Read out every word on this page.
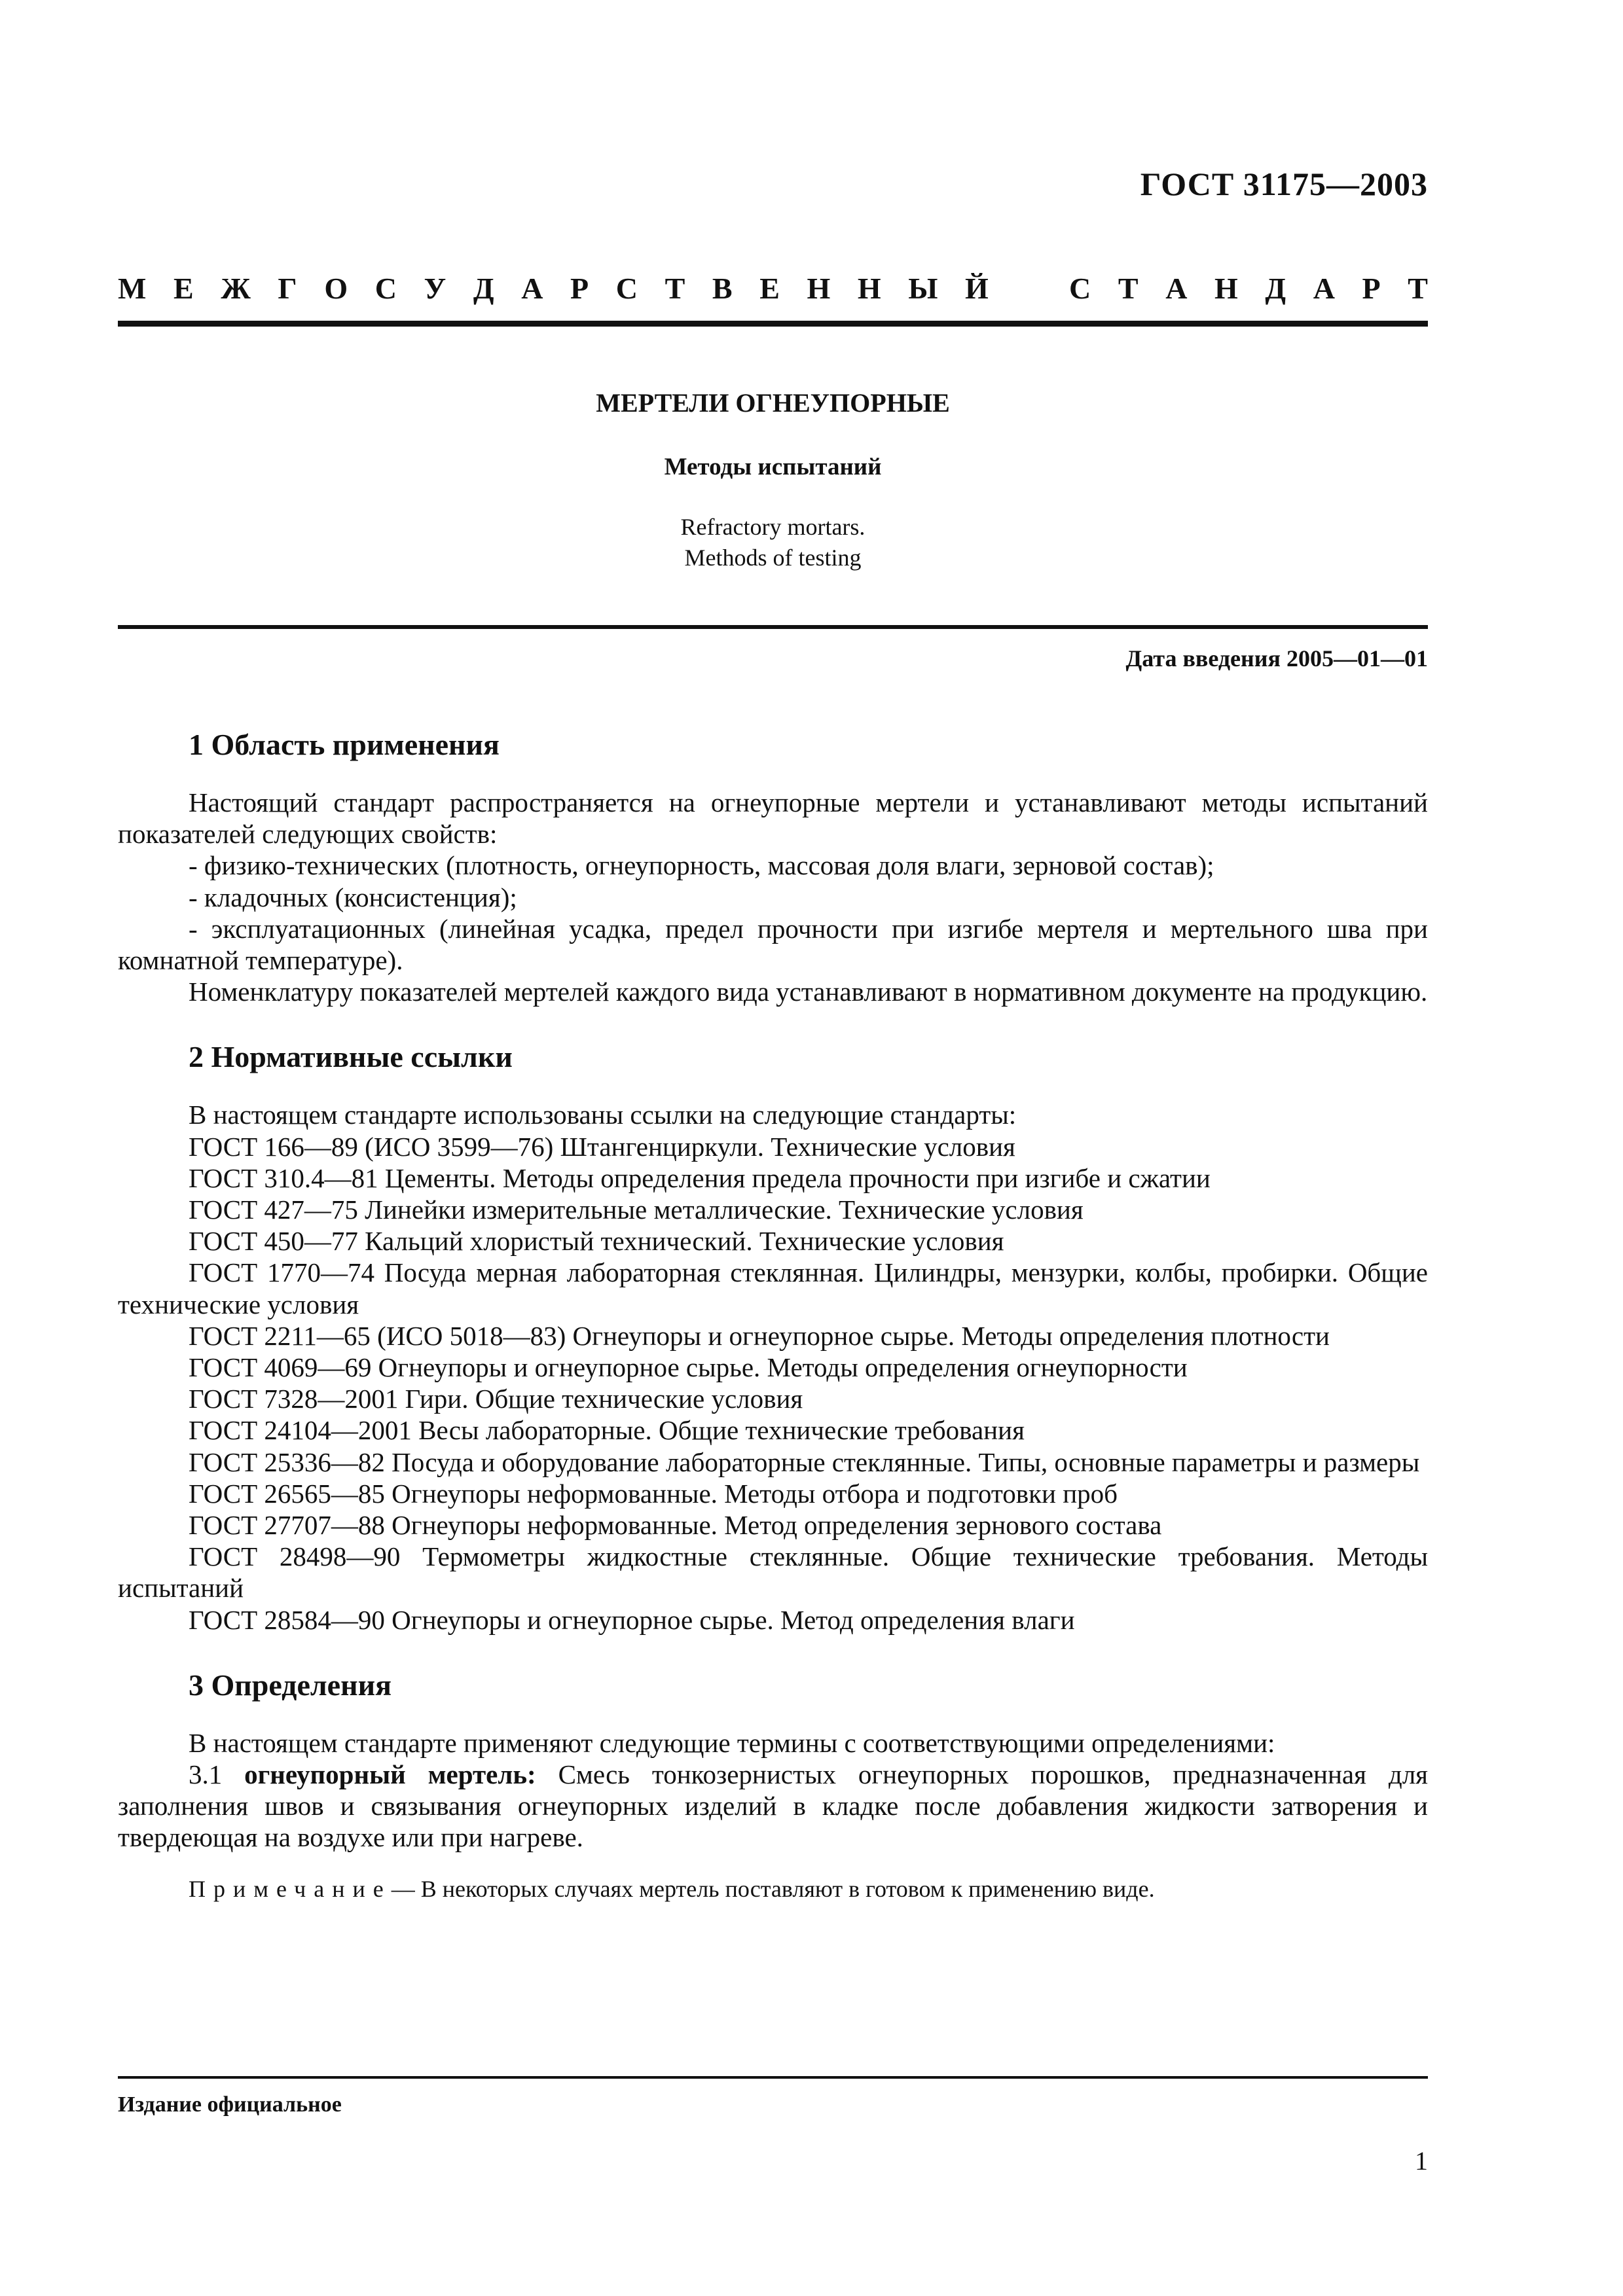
ГОСТ 31175—2003
М Е Ж Г О С У Д А Р С Т В Е Н Н Ы Й	С Т А Н Д А Р Т
МЕРТЕЛИ ОГНЕУПОРНЫЕ
Методы испытаний
Refractory mortars.
Methods of testing
Дата введения 2005—01—01
1 Область применения

Настоящий стандарт распространяется на огнеупорные мертели и устанавливают методы испытаний показателей следующих свойств:

- физико-технических (плотность, огнеупорность, массовая доля влаги, зерновой состав);

- кладочных (консистенция);

- эксплуатационных (линейная усадка, предел прочности при изгибе мертеля и мертельного шва при комнатной температуре).

Номенклатуру показателей мертелей каждого вида устанавливают в нормативном документе на продукцию.

2 Нормативные ссылки

В настоящем стандарте использованы ссылки на следующие стандарты:

ГОСТ 166—89 (ИСО 3599—76) Штангенциркули. Технические условия

ГОСТ 310.4—81 Цементы. Методы определения предела прочности при изгибе и сжатии

ГОСТ 427—75 Линейки измерительные металлические. Технические условия

ГОСТ 450—77 Кальций хлористый технический. Технические условия

ГОСТ 1770—74 Посуда мерная лабораторная стеклянная. Цилиндры, мензурки, колбы, пробирки. Общие технические условия

ГОСТ 2211—65 (ИСО 5018—83) Огнеупоры и огнеупорное сырье. Методы определения плотности

ГОСТ 4069—69 Огнеупоры и огнеупорное сырье. Методы определения огнеупорности

ГОСТ 7328—2001 Гири. Общие технические условия

ГОСТ 24104—2001 Весы лабораторные. Общие технические требования

ГОСТ 25336—82 Посуда и оборудование лабораторные стеклянные. Типы, основные параметры и размеры

ГОСТ 26565—85 Огнеупоры неформованные. Методы отбора и подготовки проб

ГОСТ 27707—88 Огнеупоры неформованные. Метод определения зернового состава

ГОСТ 28498—90 Термометры жидкостные стеклянные. Общие технические требования. Методы испытаний

ГОСТ 28584—90 Огнеупоры и огнеупорное сырье. Метод определения влаги

3 Определения

В настоящем стандарте применяют следующие термины с соответствующими определениями:

3.1 огнеупорный мертель: Смесь тонкозернистых огнеупорных порошков, предназначенная для заполнения швов и связывания огнеупорных изделий в кладке после добавления жидкости затворения и твердеющая на воздухе или при нагреве.

Примечание— В некоторых случаях мертель поставляют в готовом к применению виде.

Издание официальное
1
